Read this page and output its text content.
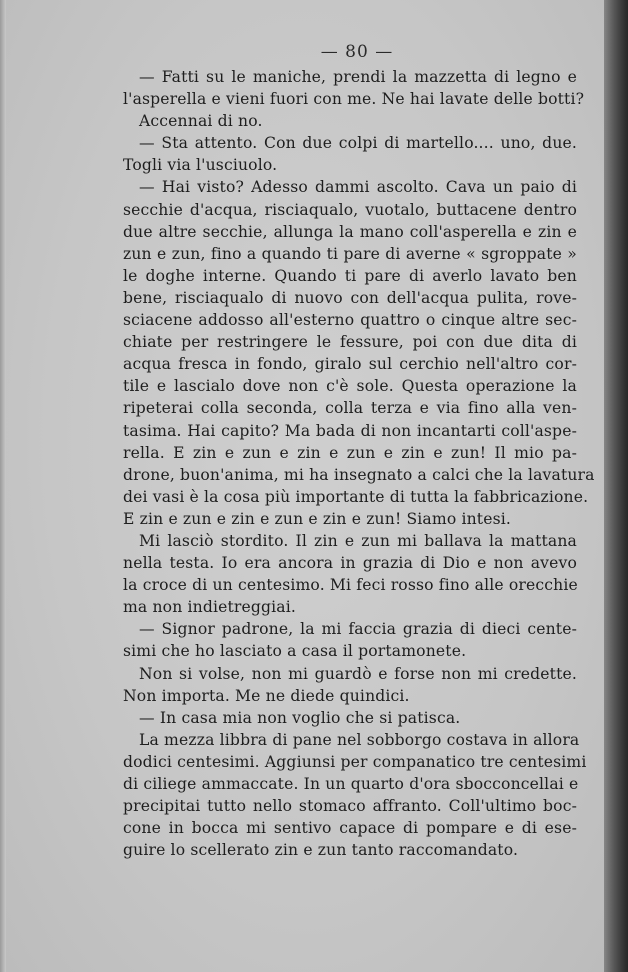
— 80 —
— Fatti su le maniche, prendi la mazzetta di legno e
l'asperella e vieni fuori con me. Ne hai lavate delle botti?
Accennai di no.
— Sta attento. Con due colpi di martello.... uno, due.
Togli via l'usciuolo.
— Hai visto? Adesso dammi ascolto. Cava un paio di
secchie d'acqua, risciaqualo, vuotalo, buttacene dentro
due altre secchie, allunga la mano coll'asperella e zin e
zun e zun, fino a quando ti pare di averne « sgroppate »
le doghe interne. Quando ti pare di averlo lavato ben
bene, risciaqualo di nuovo con dell'acqua pulita, rove-
sciacene addosso all'esterno quattro o cinque altre sec-
chiate per restringere le fessure, poi con due dita di
acqua fresca in fondo, giralo sul cerchio nell'altro cor-
tile e lascialo dove non c'è sole. Questa operazione la
ripeterai colla seconda, colla terza e via fino alla ven-
tasima. Hai capito? Ma bada di non incantarti coll'aspe-
rella. E zin e zun e zin e zun e zin e zun! Il mio pa-
drone, buon'anima, mi ha insegnato a calci che la lavatura
dei vasi è la cosa più importante di tutta la fabbricazione.
E zin e zun e zin e zun e zin e zun! Siamo intesi.
Mi lasciò stordito. Il zin e zun mi ballava la mattana
nella testa. Io era ancora in grazia di Dio e non avevo
la croce di un centesimo. Mi feci rosso fino alle orecchie
ma non indietreggiai.
— Signor padrone, la mi faccia grazia di dieci cente-
simi che ho lasciato a casa il portamonete.
Non si volse, non mi guardò e forse non mi credette.
Non importa. Me ne diede quindici.
— In casa mia non voglio che si patisca.
La mezza libbra di pane nel sobborgo costava in allora
dodici centesimi. Aggiunsi per companatico tre centesimi
di ciliege ammaccate. In un quarto d'ora sbocconcellai e
precipitai tutto nello stomaco affranto. Coll'ultimo boc-
cone in bocca mi sentivo capace di pompare e di ese-
guire lo scellerato zin e zun tanto raccomandato.
